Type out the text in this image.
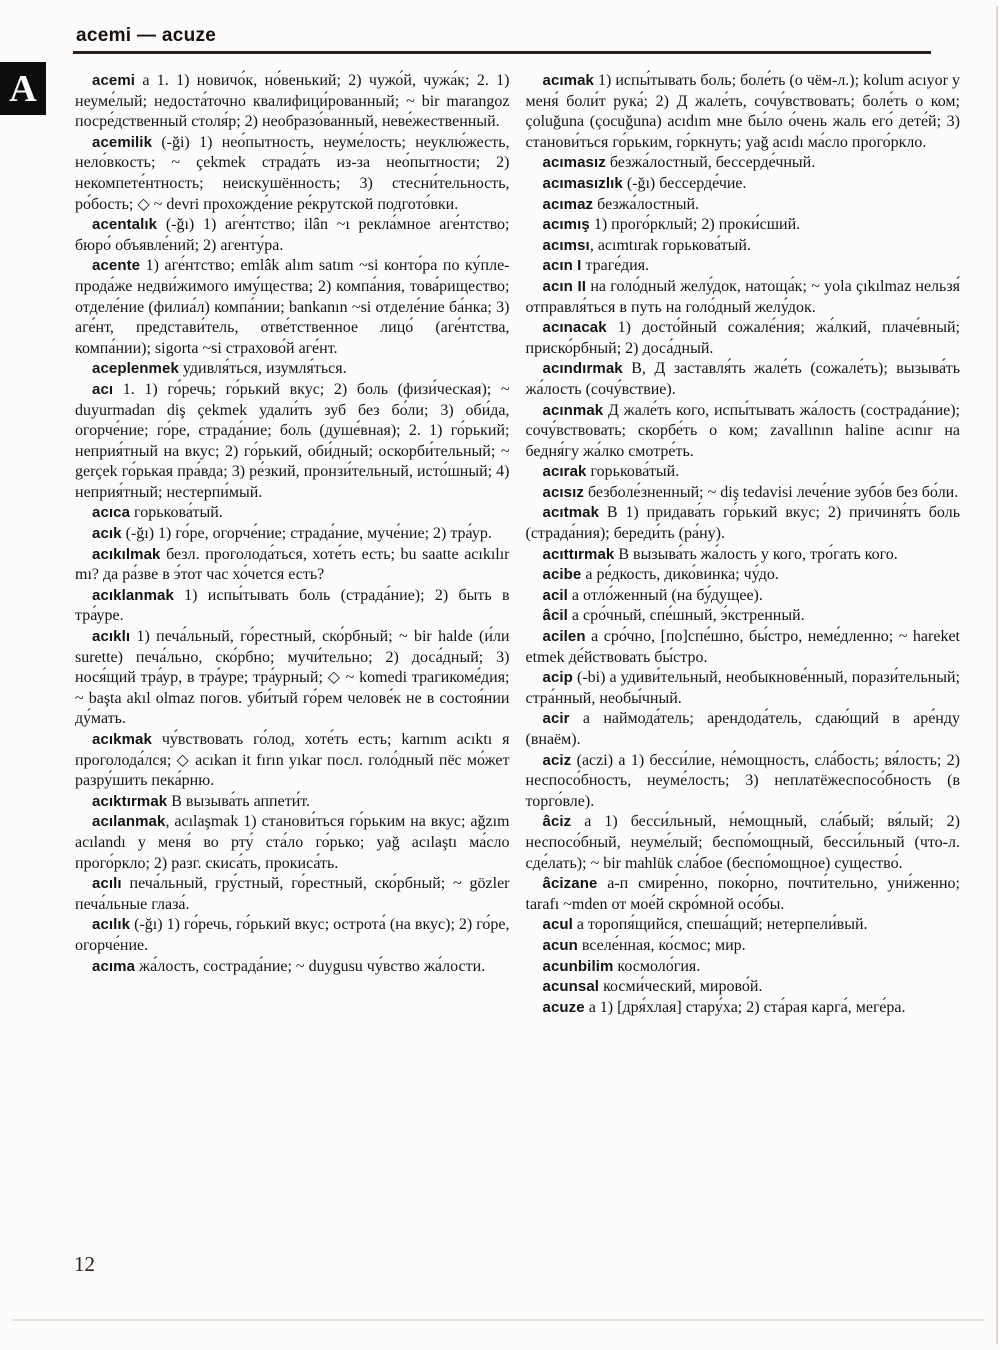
acemi — acuze
A	acemi a 1. 1) новичо́к, но́венький; 2) чужо́й, чужа́к; 2. 1) неуме́лый; недоста́точно квалифици́рованный; ~ bir marangoz посре́дственный столя́р; 2) необразо́ванный, неве́жественный.

acemilik (-ği) 1) нео́пытность, неуме́лость; неуклю́жесть, нело́вкость; ~ çekmek страда́ть из-за нео́пытности; 2) некомпете́нтность; неискушённость; 3) стесни́тельность, ро́бость; ◇ ~ devri прохожде́ние ре́крутской подгото́вки.

acentalık (-ğı) 1) аге́нтство; ilân ~ı рекла́мное аге́нтство; бюро́ объявле́ний; 2) агенту́ра.

acente 1) аге́нтство; emlâk alım satım ~si конто́ра по ку́пле-прода́же недви́жимого иму́щества; 2) компа́ния, това́рищество; отделе́ние (филиа́л) компа́нии; bankanın ~si отделе́ние ба́нка; 3) аге́нт, представи́тель, отве́тственное лицо́ (аге́нтства, компа́нии); sigorta ~si страхово́й аге́нт.

aceplenmek удивля́ться, изумля́ться.

acı 1. 1) го́речь; го́рький вкус; 2) боль (физи́ческая); ~ duyurmadan diş çekmek удали́ть зуб без бо́ли; 3) оби́да, огорче́ние; го́ре, страда́ние; боль (душе́вная); 2. 1) го́рький; неприя́тный на вкус; 2) го́рький, оби́дный; оскорби́тельный; ~ gerçek го́рькая пра́вда; 3) ре́зкий, пронзи́тельный, исто́шный; 4) неприя́тный; нестерпи́мый.

acıca горькова́тый.

acık (-ğı) 1) го́ре, огорче́ние; страда́ние, муче́ние; 2) тра́ур.

acıkılmak безл. проголода́ться, хоте́ть есть; bu saatte acıkılır mı? да ра́зве в э́тот час хо́чется есть?

acıklanmak 1) испы́тывать боль (страда́ние); 2) быть в тра́уре.

acıklı 1) печа́льный, го́рестный, ско́рбный; ~ bir halde (и́ли surette) печа́льно, ско́рбно; мучи́тельно; 2) доса́дный; 3) нося́щий тра́ур, в тра́уре; тра́урный; ◇ ~ komedi трагикоме́дия; ~ başta akıl olmaz погов. уби́тый го́рем челове́к не в состоя́нии ду́мать.

acıkmak чу́вствовать го́лод, хоте́ть есть; karnım acıktı я проголода́лся; ◇ acıkan it fırın yıkar посл. голо́дный пёс мо́жет разру́шить пека́рню.

acıktırmak В вызыва́ть аппети́т.

acılanmak, acılaşmak 1) станови́ться го́рьким на вкус; ağzım acılandı у меня́ во рту́ ста́ло го́рько; yağ acılaştı ма́сло прого́ркло; 2) разг. скиса́ть, прокиса́ть.

acılı печа́льный, гру́стный, го́рестный, ско́рбный; ~ gözler печа́льные глаза́.

acılık (-ğı) 1) го́речь, го́рький вкус; острота́ (на вкус); 2) го́ре, огорче́ние.

acıma жа́лость, сострада́ние; ~ duygusu чу́вство жа́лости.

acımak 1) испы́тывать боль; боле́ть (о чём-л.); kolum acıyor у меня́ боли́т рука́; 2) Д жале́ть, сочу́вствовать; боле́ть о ком; çoluğuna (çocuğuna) acıdım мне бы́ло о́чень жаль его́ дете́й; 3) станови́ться го́рьким, го́ркнуть; yağ acıdı ма́сло прого́ркло.

acımasız безжа́лостный, бессерде́чный.

acımasızlık (-ğı) бессерде́чие.

acımaz безжа́лостный.

acımış 1) прого́рклый; 2) проки́сший.

acımsı, acımtırak горькова́тый.

acın I траге́дия.

acın II на голо́дный желу́док, натоща́к; ~ yola çıkılmaz нельзя́ отправля́ться в путь на голо́дный желу́док.

acınacak 1) досто́йный сожале́ния; жа́лкий, плаче́вный; приско́рбный; 2) доса́дный.

acındırmak В, Д заставля́ть жале́ть (сожале́ть); вызыва́ть жа́лость (сочу́вствие).

acınmak Д жале́ть кого, испы́тывать жа́лость (сострада́ние); сочу́вствовать; скорбе́ть о ком; zavallının haline acınır на бедня́гу жа́лко смотре́ть.

acırak горькова́тый.

acısız безболе́зненный; ~ diş tedavisi лече́ние зубо́в без бо́ли.

acıtmak В 1) придава́ть го́рький вкус; 2) причиня́ть боль (страда́ния); береди́ть (ра́ну).

acıttırmak В вызыва́ть жа́лость у кого, тро́гать кого.

acibe a ре́дкость, дико́винка; чу́до.

acil a отло́женный (на бу́дущее).

âcil a сро́чный, спе́шный, э́кстренный.

acilen a сро́чно, [по]спе́шно, бы́стро, неме́дленно; ~ hareket etmek де́йствовать бы́стро.

acip (-bi) a удиви́тельный, необыкнове́нный, порази́тельный; стра́нный, необы́чный.

acir a наймода́тель; арендода́тель, сдаю́щий в аре́нду (внаём).

aciz (aczi) a 1) бесси́лие, не́мощность, сла́бость; вя́лость; 2) неспосо́бность, неуме́лость; 3) неплатёжеспосо́бность (в торго́вле).

âciz a 1) бесси́льный, не́мощный, сла́бый; вя́лый; 2) неспосо́бный, неуме́лый; беспо́мощный, бесси́льный (что-л. сде́лать); ~ bir mahlük сла́бое (беспо́мощное) существо́.

âcizane a-п смире́нно, поко́рно, почти́тельно, уни́женно; tarafı ~mden от мое́й скро́мной осо́бы.

acul a торопя́щийся, спеша́щий; нетерпели́вый.

acun вселе́нная, ко́смос; мир.

acunbilim космоло́гия.

acunsal косми́ческий, мирово́й.

acuze a 1) [дря́хлая] стару́ха; 2) ста́рая карга́, меге́ра.

12
